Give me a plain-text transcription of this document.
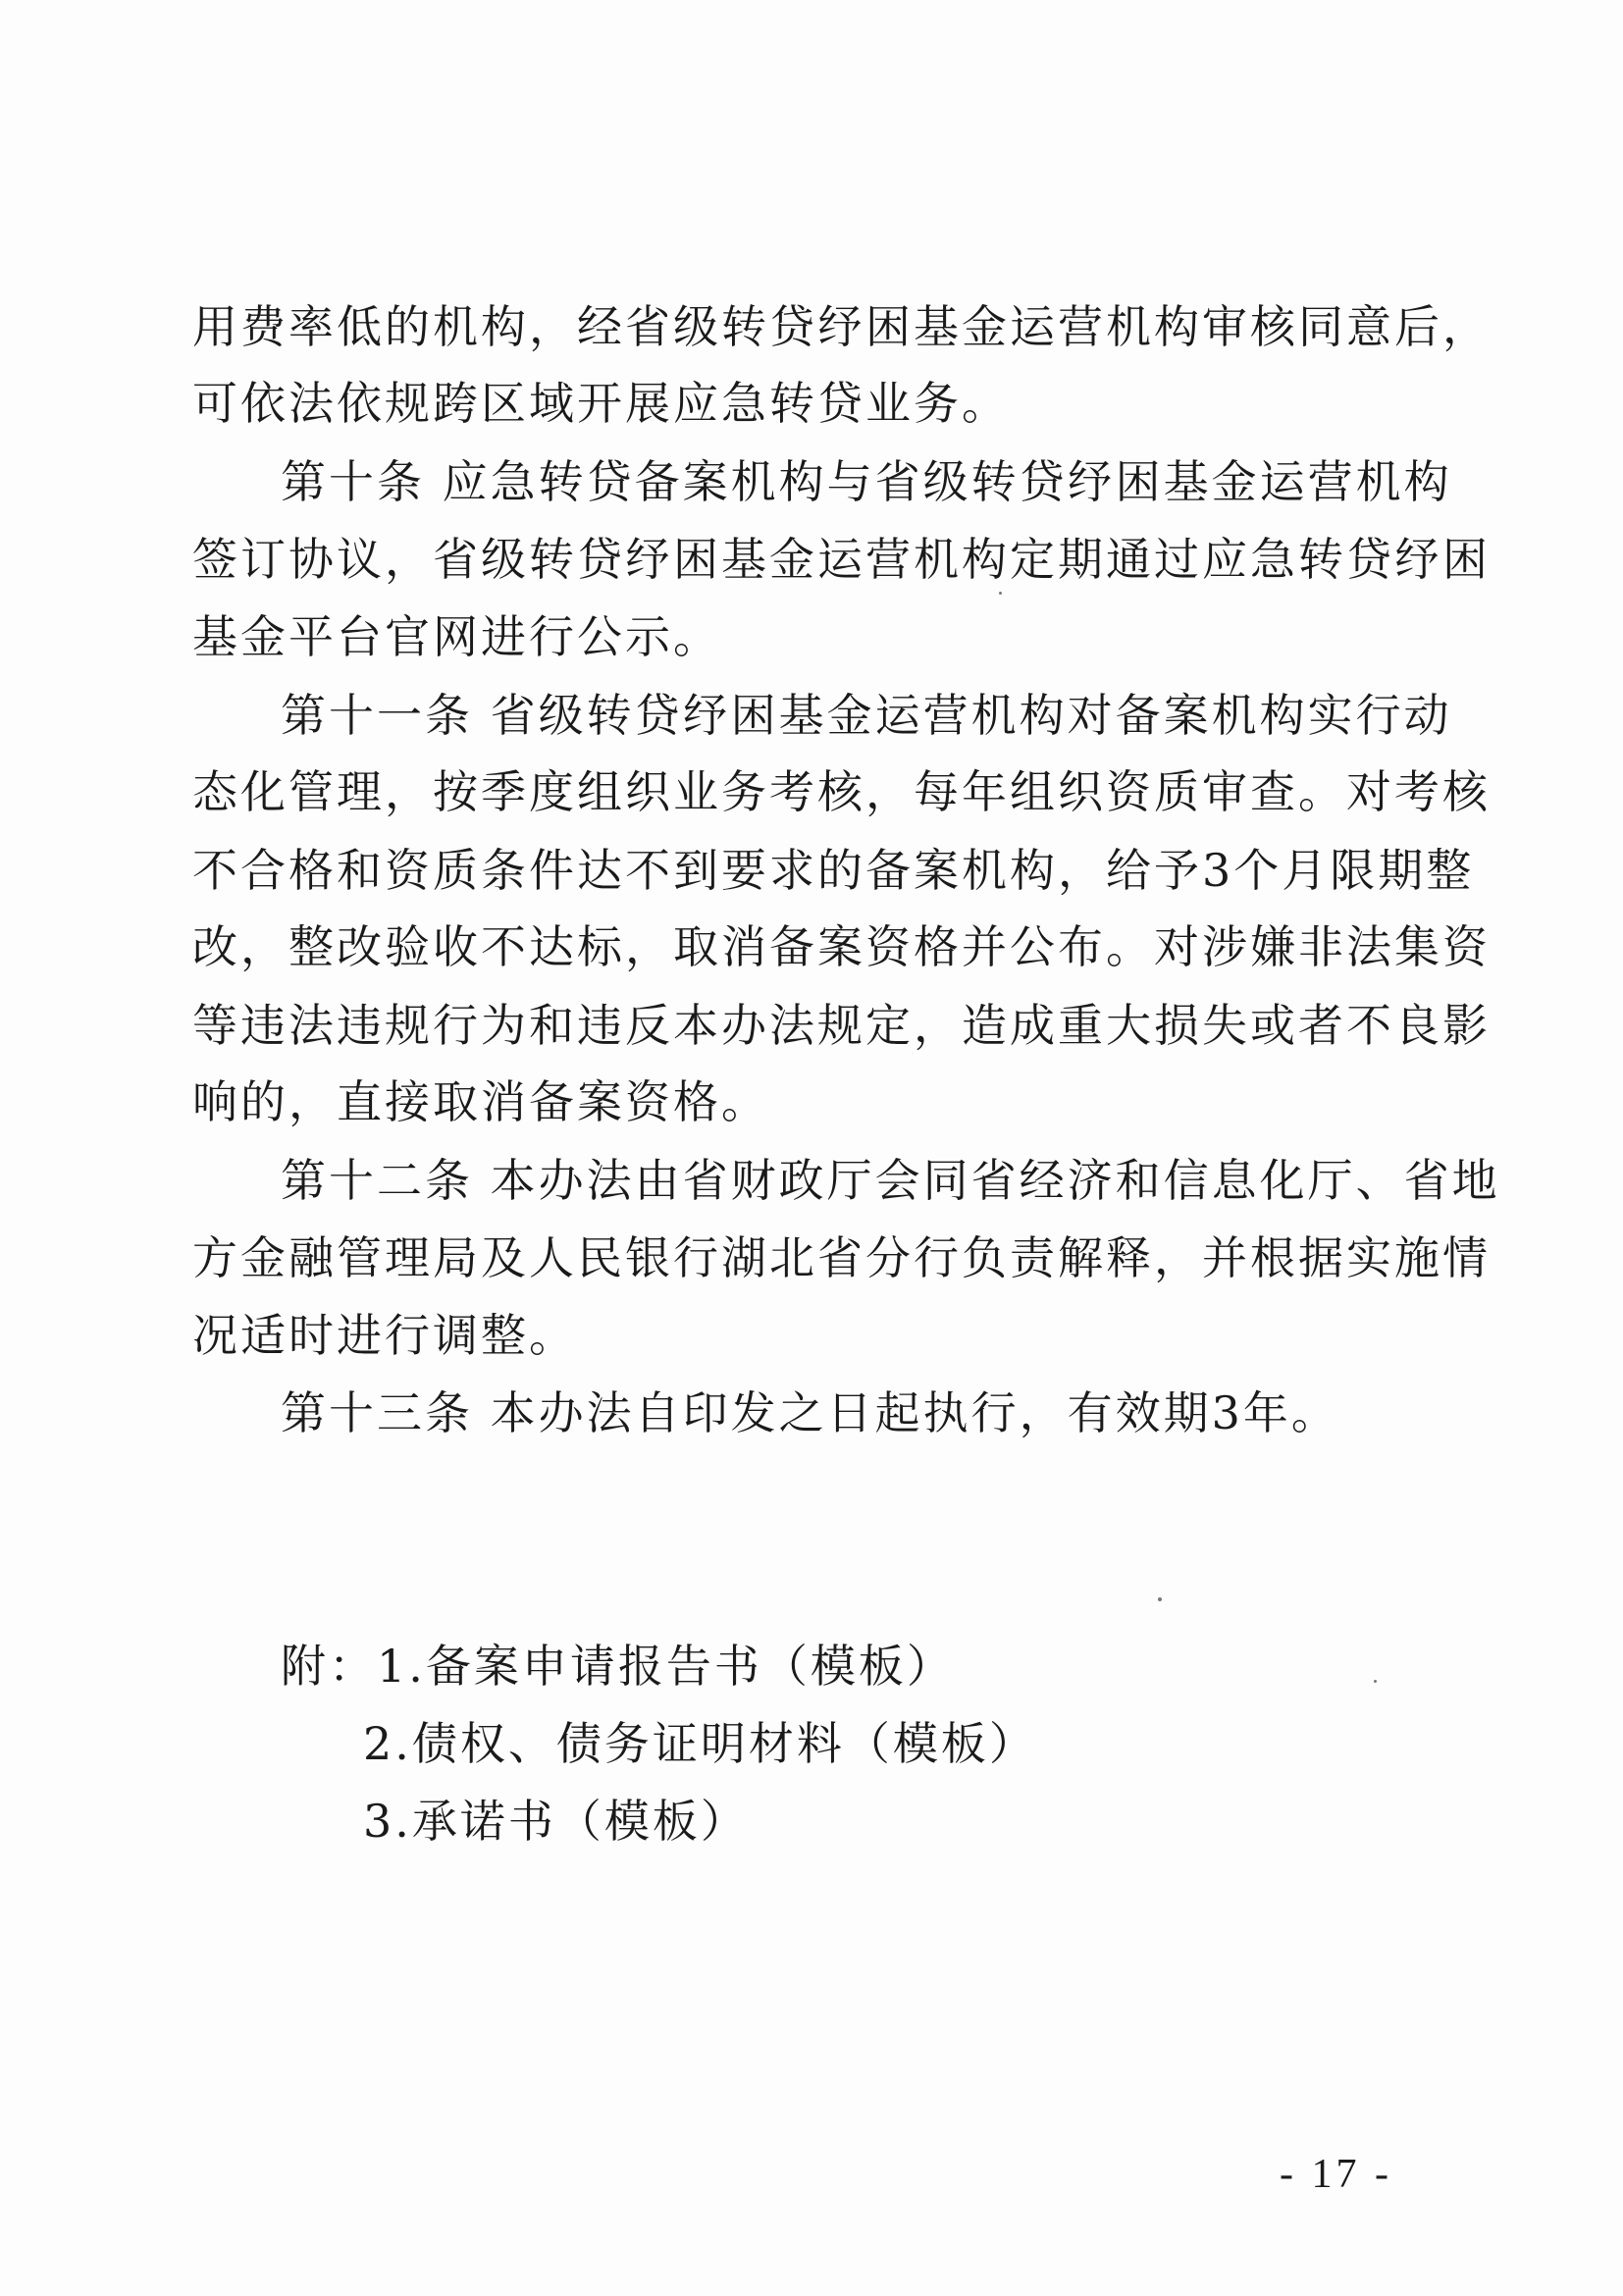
用费率低的机构，经省级转贷纾困基金运营机构审核同意后，
可依法依规跨区域开展应急转贷业务。
第十条 应急转贷备案机构与省级转贷纾困基金运营机构
签订协议，省级转贷纾困基金运营机构定期通过应急转贷纾困
基金平台官网进行公示。
第十一条 省级转贷纾困基金运营机构对备案机构实行动
态化管理，按季度组织业务考核，每年组织资质审查。对考核
不合格和资质条件达不到要求的备案机构，给予3个月限期整
改，整改验收不达标，取消备案资格并公布。对涉嫌非法集资
等违法违规行为和违反本办法规定，造成重大损失或者不良影
响的，直接取消备案资格。
第十二条 本办法由省财政厅会同省经济和信息化厅、省地
方金融管理局及人民银行湖北省分行负责解释，并根据实施情
况适时进行调整。
第十三条 本办法自印发之日起执行，有效期3年。
附：1.备案申请报告书（模板）
2.债权、债务证明材料（模板）
3.承诺书（模板）
- 17 -
